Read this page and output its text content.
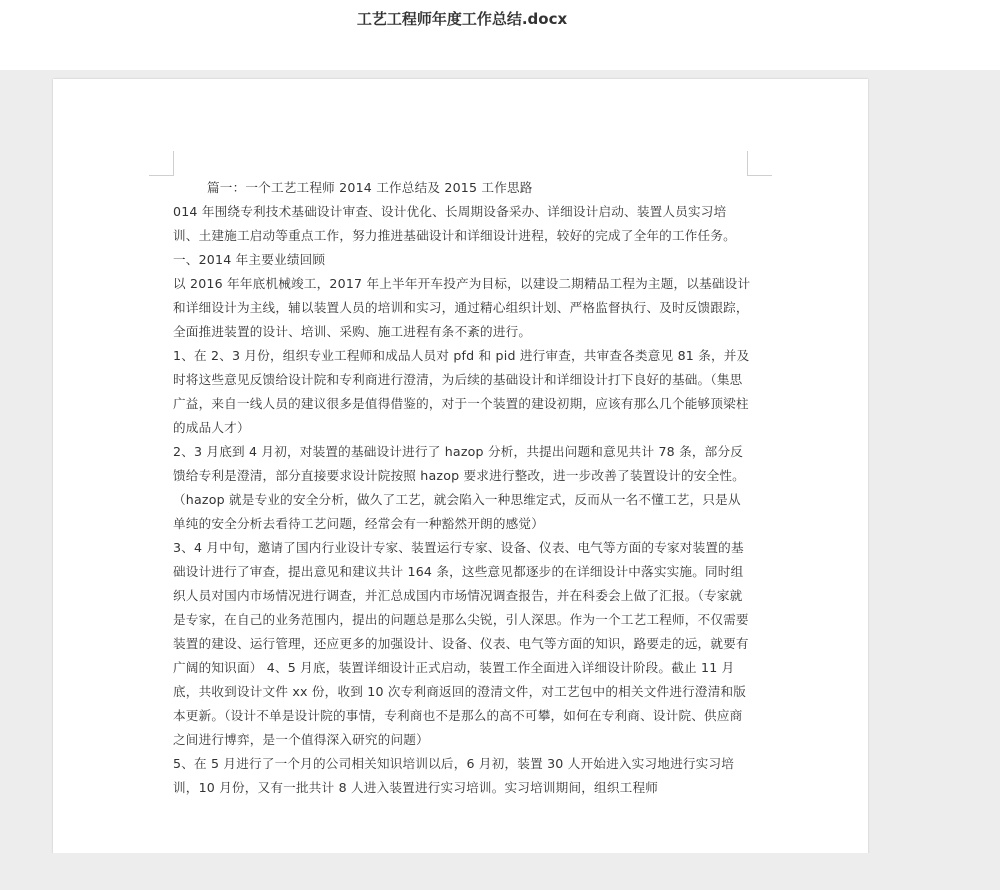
工艺工程师年度工作总结.docx

篇一：一个工艺工程师 2014 工作总结及 2015 工作思路

014 年围绕专利技术基础设计审查、设计优化、长周期设备采办、详细设计启动、装置人员实习培训、土建施工启动等重点工作，努力推进基础设计和详细设计进程，较好的完成了全年的工作任务。

一、2014 年主要业绩回顾

以 2016 年年底机械竣工，2017 年上半年开车投产为目标，以建设二期精品工程为主题，以基础设计和详细设计为主线，辅以装置人员的培训和实习，通过精心组织计划、严格监督执行、及时反馈跟踪，全面推进装置的设计、培训、采购、施工进程有条不紊的进行。

1、在 2、3 月份，组织专业工程师和成品人员对 pfd 和 pid 进行审查，共审查各类意见 81 条，并及时将这些意见反馈给设计院和专利商进行澄清，为后续的基础设计和详细设计打下良好的基础。（集思广益，来自一线人员的建议很多是值得借鉴的，对于一个装置的建设初期，应该有那么几个能够顶梁柱的成品人才）

2、3 月底到 4 月初，对装置的基础设计进行了 hazop 分析，共提出问题和意见共计 78 条，部分反馈给专利是澄清，部分直接要求设计院按照 hazop 要求进行整改，进一步改善了装置设计的安全性。（hazop 就是专业的安全分析，做久了工艺，就会陷入一种思维定式，反而从一名不懂工艺，只是从单纯的安全分析去看待工艺问题，经常会有一种豁然开朗的感觉）

3、4 月中旬，邀请了国内行业设计专家、装置运行专家、设备、仪表、电气等方面的专家对装置的基础设计进行了审查，提出意见和建议共计 164 条，这些意见都逐步的在详细设计中落实实施。同时组织人员对国内市场情况进行调查，并汇总成国内市场情况调查报告，并在科委会上做了汇报。（专家就是专家，在自己的业务范围内，提出的问题总是那么尖锐，引人深思。作为一个工艺工程师，不仅需要装置的建设、运行管理，还应更多的加强设计、设备、仪表、电气等方面的知识，路要走的远，就要有广阔的知识面） 4、5 月底，装置详细设计正式启动，装置工作全面进入详细设计阶段。截止 11 月底，共收到设计文件 xx 份，收到 10 次专利商返回的澄清文件，对工艺包中的相关文件进行澄清和版本更新。（设计不单是设计院的事情，专利商也不是那么的高不可攀，如何在专利商、设计院、供应商之间进行博弈，是一个值得深入研究的问题）

5、在 5 月进行了一个月的公司相关知识培训以后，6 月初，装置 30 人开始进入实习地进行实习培训，10 月份，又有一批共计 8 人进入装置进行实习培训。实习培训期间，组织工程师
